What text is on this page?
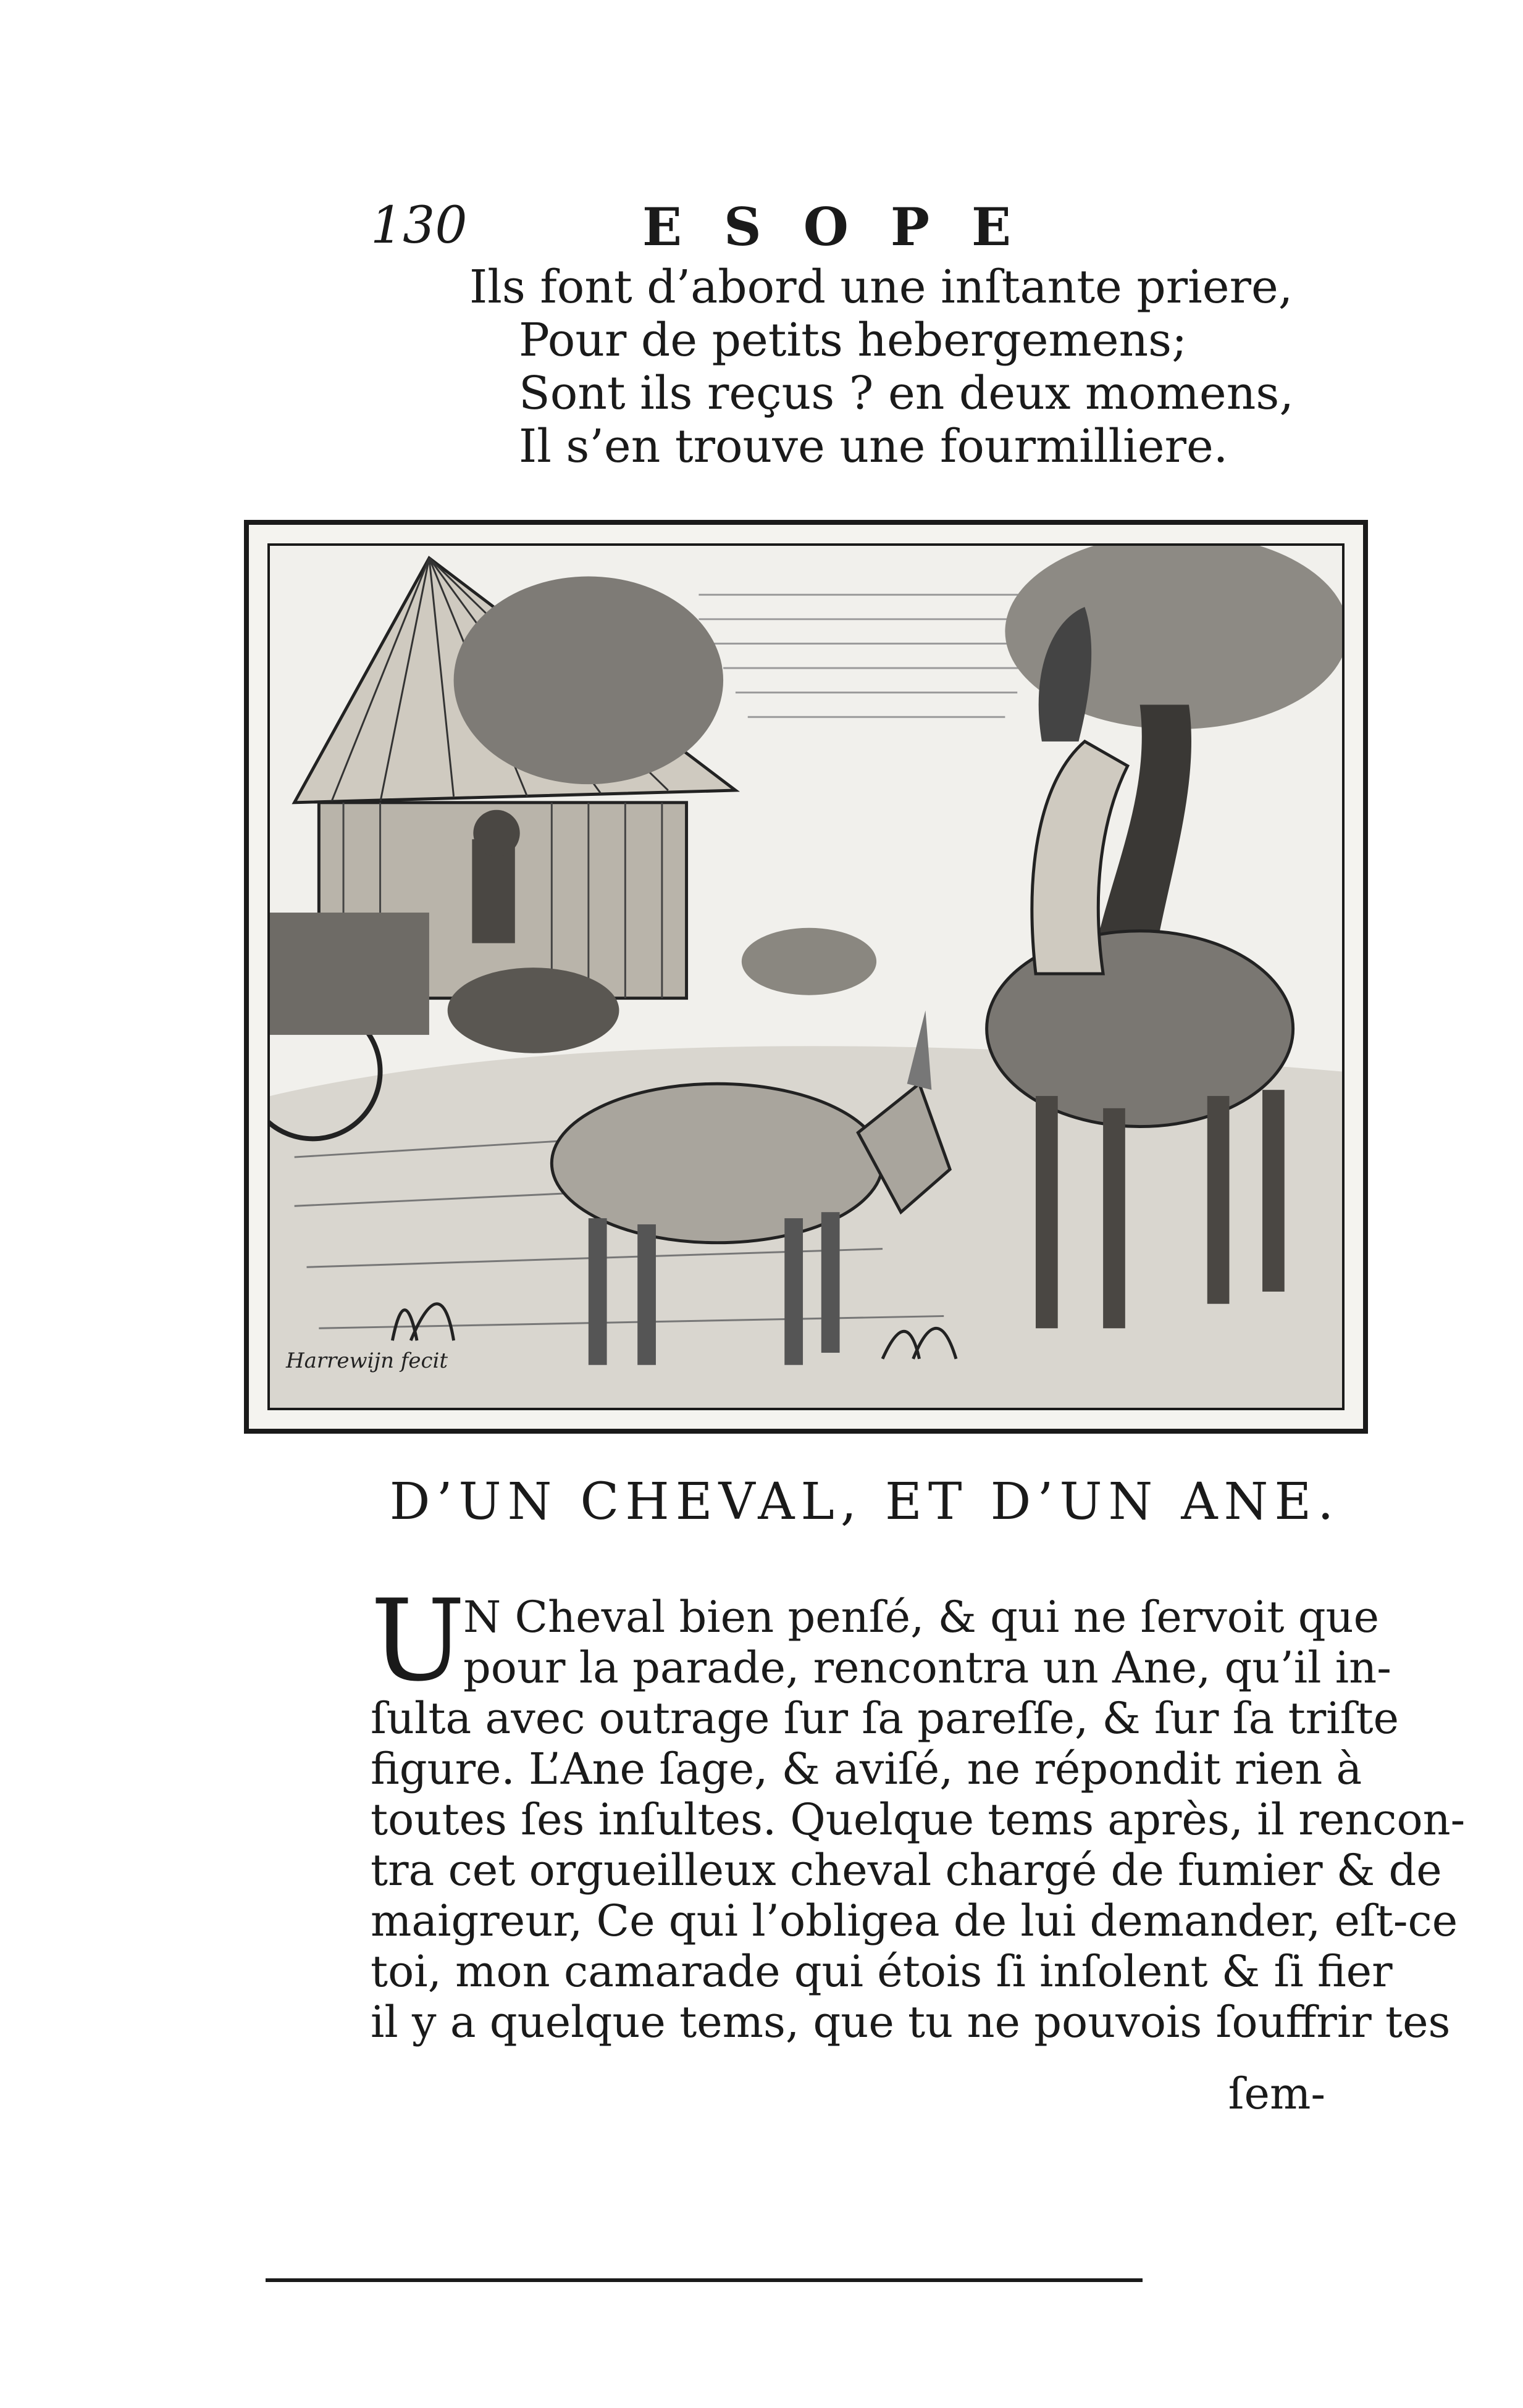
130	ESOPE
Ils font d’abord une inſtante priere,
Pour de petits hebergemens;
Sont ils reçus ? en deux momens,
Il s’en trouve une fourmilliere.
Harrewijn fecit
D’UN CHEVAL, ET D’UN ANE.
U
N Cheval bien penſé, & qui ne ſervoit que
pour la parade, rencontra un Ane, qu’il in-
ſulta avec outrage ſur ſa pareſſe, & ſur ſa triſte
figure. L’Ane ſage, & aviſé, ne répondit rien à
toutes ſes inſultes. Quelque tems après, il rencon-
tra cet orgueilleux cheval chargé de fumier & de
maigreur, Ce qui l’obligea de lui demander, eſt-ce
toi, mon camarade qui étois ſi inſolent & ſi fier
il y a quelque tems, que tu ne pouvois ſouffrir tes
ſem-
